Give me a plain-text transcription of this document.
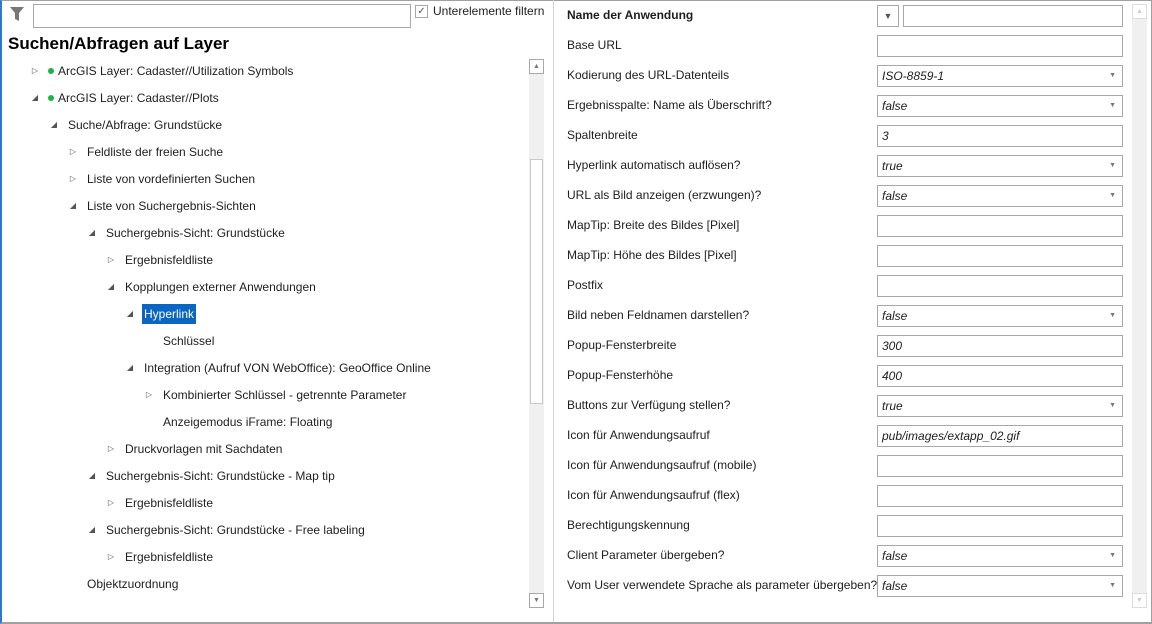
✓ Unterelemente filtern
Suchen/Abfragen auf Layer
▷ ArcGIS Layer: Cadaster//Utilization Symbols
◢ ArcGIS Layer: Cadaster//Plots
◢ Suche/Abfrage: Grundstücke
▷ Feldliste der freien Suche
▷ Liste von vordefinierten Suchen
◢ Liste von Suchergebnis-Sichten
◢ Suchergebnis-Sicht: Grundstücke
▷ Ergebnisfeldliste
◢ Kopplungen externer Anwendungen
◢ Hyperlink
Schlüssel
◢ Integration (Aufruf VON WebOffice): GeoOffice Online
▷ Kombinierter Schlüssel - getrennte Parameter
Anzeigemodus iFrame: Floating
▷ Druckvorlagen mit Sachdaten
◢ Suchergebnis-Sicht: Grundstücke - Map tip
▷ Ergebnisfeldliste
◢ Suchergebnis-Sicht: Grundstücke - Free labeling
▷ Ergebnisfeldliste
Objektzuordnung
▲
▼
Name der Anwendung	▼
Base URL
Kodierung des URL-Datenteils	ISO-8859-1	▼
Ergebnisspalte: Name als Überschrift?	false	▼
Spaltenbreite	3
Hyperlink automatisch auflösen?	true	▼
URL als Bild anzeigen (erzwungen)?	false	▼
MapTip: Breite des Bildes [Pixel]
MapTip: Höhe des Bildes [Pixel]
Postfix
Bild neben Feldnamen darstellen?	false	▼
Popup-Fensterbreite	300
Popup-Fensterhöhe	400
Buttons zur Verfügung stellen?	true	▼
Icon für Anwendungsaufruf	pub/images/extapp_02.gif
Icon für Anwendungsaufruf (mobile)
Icon für Anwendungsaufruf (flex)
Berechtigungskennung
Client Parameter übergeben?	false	▼
Vom User verwendete Sprache als parameter übergeben? false	▼
▲
▼
